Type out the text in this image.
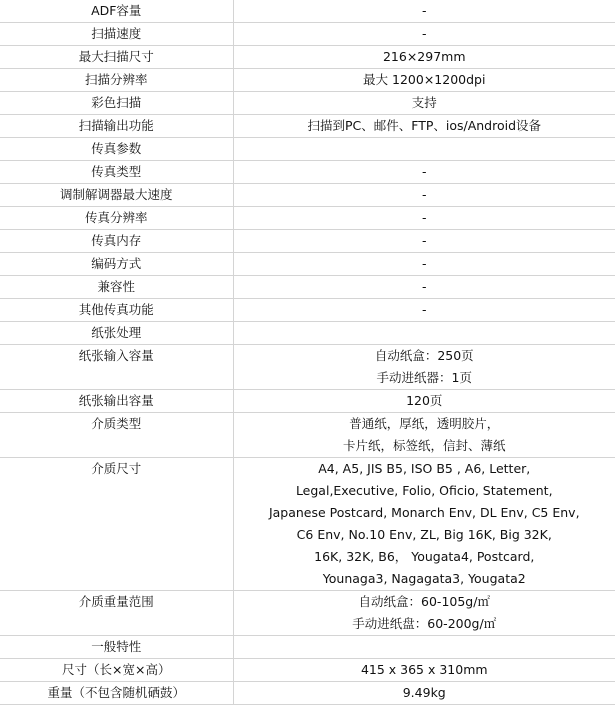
ADF容量	-
扫描速度	-
最大扫描尺寸	216×297mm
扫描分辨率	最大 1200×1200dpi
彩色扫描	支持
扫描输出功能	扫描到PC、邮件、FTP、ios/Android设备
传真参数	
传真类型	-
调制解调器最大速度	-
传真分辨率	-
传真内存	-
编码方式	-
兼容性	-
其他传真功能	-
纸张处理	
纸张输入容量	自动纸盒：250页
	手动进纸器：1页
纸张输出容量	120页
介质类型	普通纸，厚纸，透明胶片，
	卡片纸，标签纸，信封、薄纸
介质尺寸	A4, A5, JIS B5, ISO B5 , A6, Letter,
	Legal,Executive, Folio, Oficio, Statement,
	Japanese Postcard, Monarch Env, DL Env, C5 Env,
	C6 Env, No.10 Env, ZL, Big 16K, Big 32K,
	16K, 32K, B6， Yougata4, Postcard,
	Younaga3, Nagagata3, Yougata2
介质重量范围	自动纸盒：60-105g/㎡
	手动进纸盘：60-200g/㎡
一般特性	
尺寸（长×宽×高）	415 x 365 x 310mm
重量（不包含随机硒鼓）	9.49kg
